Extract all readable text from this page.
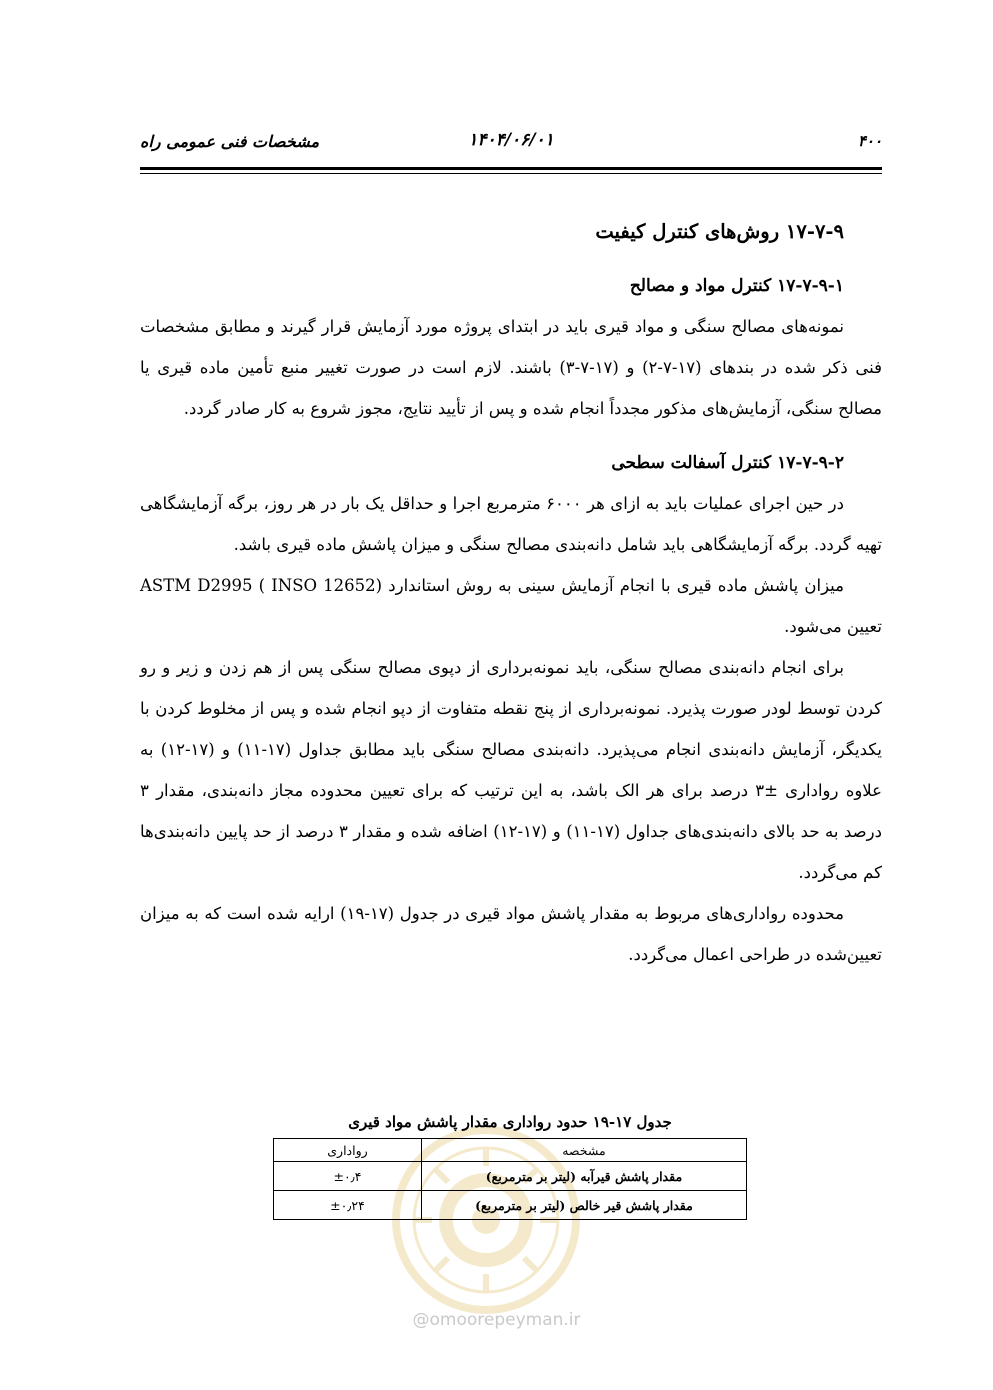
۴۰۰
۱۴۰۴/۰۶/۰۱
مشخصات فنی عمومی راه
۱۷-۷-۹ روش‌های کنترل کیفیت
۱۷-۷-۹-۱ کنترل مواد و مصالح

نمونه‌های مصالح سنگی و مواد قیری باید در ابتدای پروژه مورد آزمایش قرار گیرند و مطابق مشخصات فنی ذکر شده در بندهای (۱۷-۷-۲) و (۱۷-۷-۳) باشند. لازم است در صورت تغییر منبع تأمین ماده قیری یا مصالح سنگی، آزمایش‌های مذکور مجدداً انجام شده و پس از تأیید نتایج، مجوز شروع به کار صادر گردد.

۱۷-۷-۹-۲ کنترل آسفالت سطحی

در حین اجرای عملیات باید به ازای هر ۶۰۰۰ مترمربع اجرا و حداقل یک بار در هر روز، برگه آزمایشگاهی تهیه گردد. برگه آزمایشگاهی باید شامل دانه‌بندی مصالح سنگی و میزان پاشش ماده قیری باشد.

میزان پاشش ماده قیری با انجام آزمایش سینی به روش استاندارد ASTM D2995 ( INSO 12652) تعیین می‌شود.

برای انجام دانه‌بندی مصالح سنگی، باید نمونه‌برداری از دپوی مصالح سنگی پس از هم زدن و زیر و رو کردن توسط لودر صورت پذیرد. نمونه‌برداری از پنج نقطه متفاوت از دپو انجام شده و پس از مخلوط کردن با یکدیگر، آزمایش دانه‌بندی انجام می‌پذیرد. دانه‌بندی مصالح سنگی باید مطابق جداول (۱۷-۱۱) و (۱۷-۱۲) به علاوه رواداری ±۳ درصد برای هر الک باشد، به این ترتیب که برای تعیین محدوده مجاز دانه‌بندی، مقدار ۳ درصد به حد بالای دانه‌بندی‌های جداول (۱۷-۱۱) و (۱۷-۱۲) اضافه شده و مقدار ۳ درصد از حد پایین دانه‌بندی‌ها کم می‌گردد.

محدوده رواداری‌های مربوط به مقدار پاشش مواد قیری در جدول (۱۷-۱۹) ارایه شده است که به میزان تعیین‌شده در طراحی اعمال می‌گردد.

جدول ۱۷-۱۹ حدود رواداری مقدار پاشش مواد قیری
مشخصه	رواداری
مقدار پاشش قیرآبه (لیتر بر مترمربع)	±۰٫۴
مقدار پاشش قیر خالص (لیتر بر مترمربع)	±۰٫۲۴
@omoorepeyman.ir
